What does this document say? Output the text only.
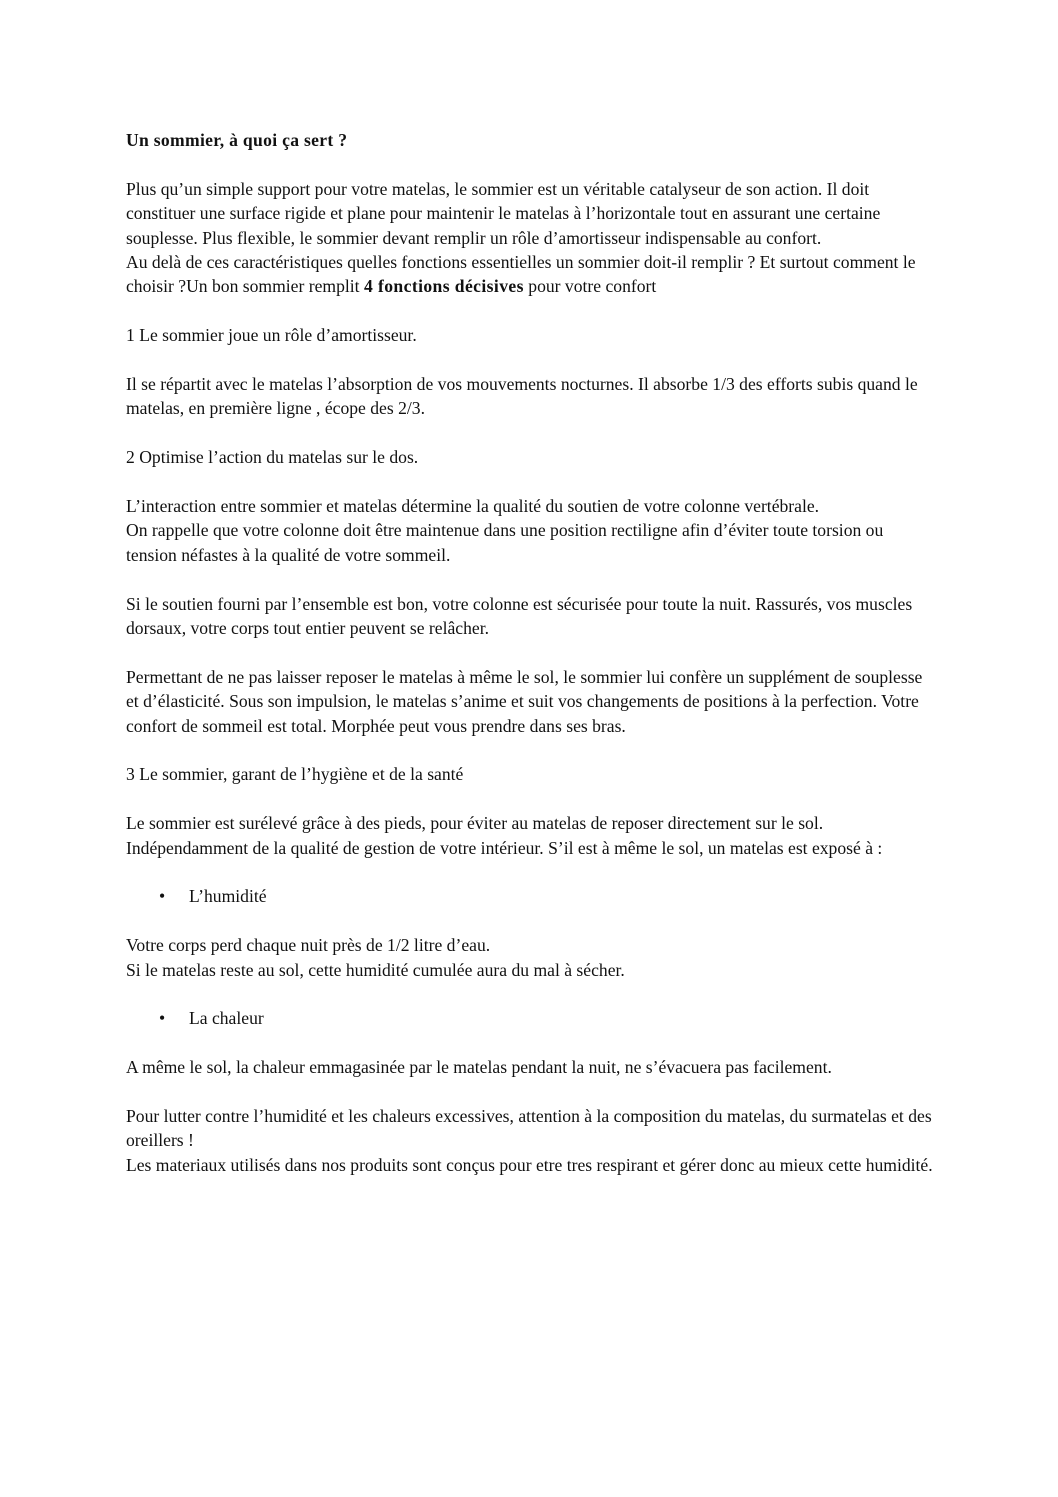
Un sommier, à quoi ça sert ?

Plus qu’un simple support pour votre matelas, le sommier est un véritable catalyseur de son action. Il doit constituer une surface rigide et plane pour maintenir le matelas à l’horizontale tout en assurant une certaine souplesse. Plus flexible, le sommier devant remplir un rôle d’amortisseur indispensable au confort.
Au delà de ces caractéristiques quelles fonctions essentielles un sommier doit-il remplir ? Et surtout comment le choisir ?Un bon sommier remplit 4 fonctions décisives pour votre confort

1 Le sommier joue un rôle d’amortisseur.

Il se répartit avec le matelas l’absorption de vos mouvements nocturnes. Il absorbe 1/3 des efforts subis quand le matelas, en première ligne , écope des 2/3.

2 Optimise l’action du matelas sur le dos.

L’interaction entre sommier et matelas détermine la qualité du soutien de votre colonne vertébrale.
On rappelle que votre colonne doit être maintenue dans une position rectiligne afin d’éviter toute torsion ou tension néfastes à la qualité de votre sommeil.

Si le soutien fourni par l’ensemble est bon, votre colonne est sécurisée pour toute la nuit. Rassurés, vos muscles dorsaux, votre corps tout entier peuvent se relâcher.

Permettant de ne pas laisser reposer le matelas à même le sol, le sommier lui confère un supplément de souplesse et d’élasticité. Sous son impulsion, le matelas s’anime et suit vos changements de positions à la perfection. Votre confort de sommeil est total. Morphée peut vous prendre dans ses bras.

3 Le sommier, garant de l’hygiène et de la santé

Le sommier est surélevé grâce à des pieds, pour éviter au matelas de reposer directement sur le sol.
Indépendamment de la qualité de gestion de votre intérieur. S’il est à même le sol, un matelas est exposé à :

• L’humidité

Votre corps perd chaque nuit près de 1/2 litre d’eau.
Si le matelas reste au sol, cette humidité cumulée aura du mal à sécher.

• La chaleur

A même le sol, la chaleur emmagasinée par le matelas pendant la nuit, ne s’évacuera pas facilement.

Pour lutter contre l’humidité et les chaleurs excessives, attention à la composition du matelas, du surmatelas et des oreillers !
Les materiaux utilisés dans nos produits sont conçus pour etre tres respirant et gérer donc au mieux cette humidité.
